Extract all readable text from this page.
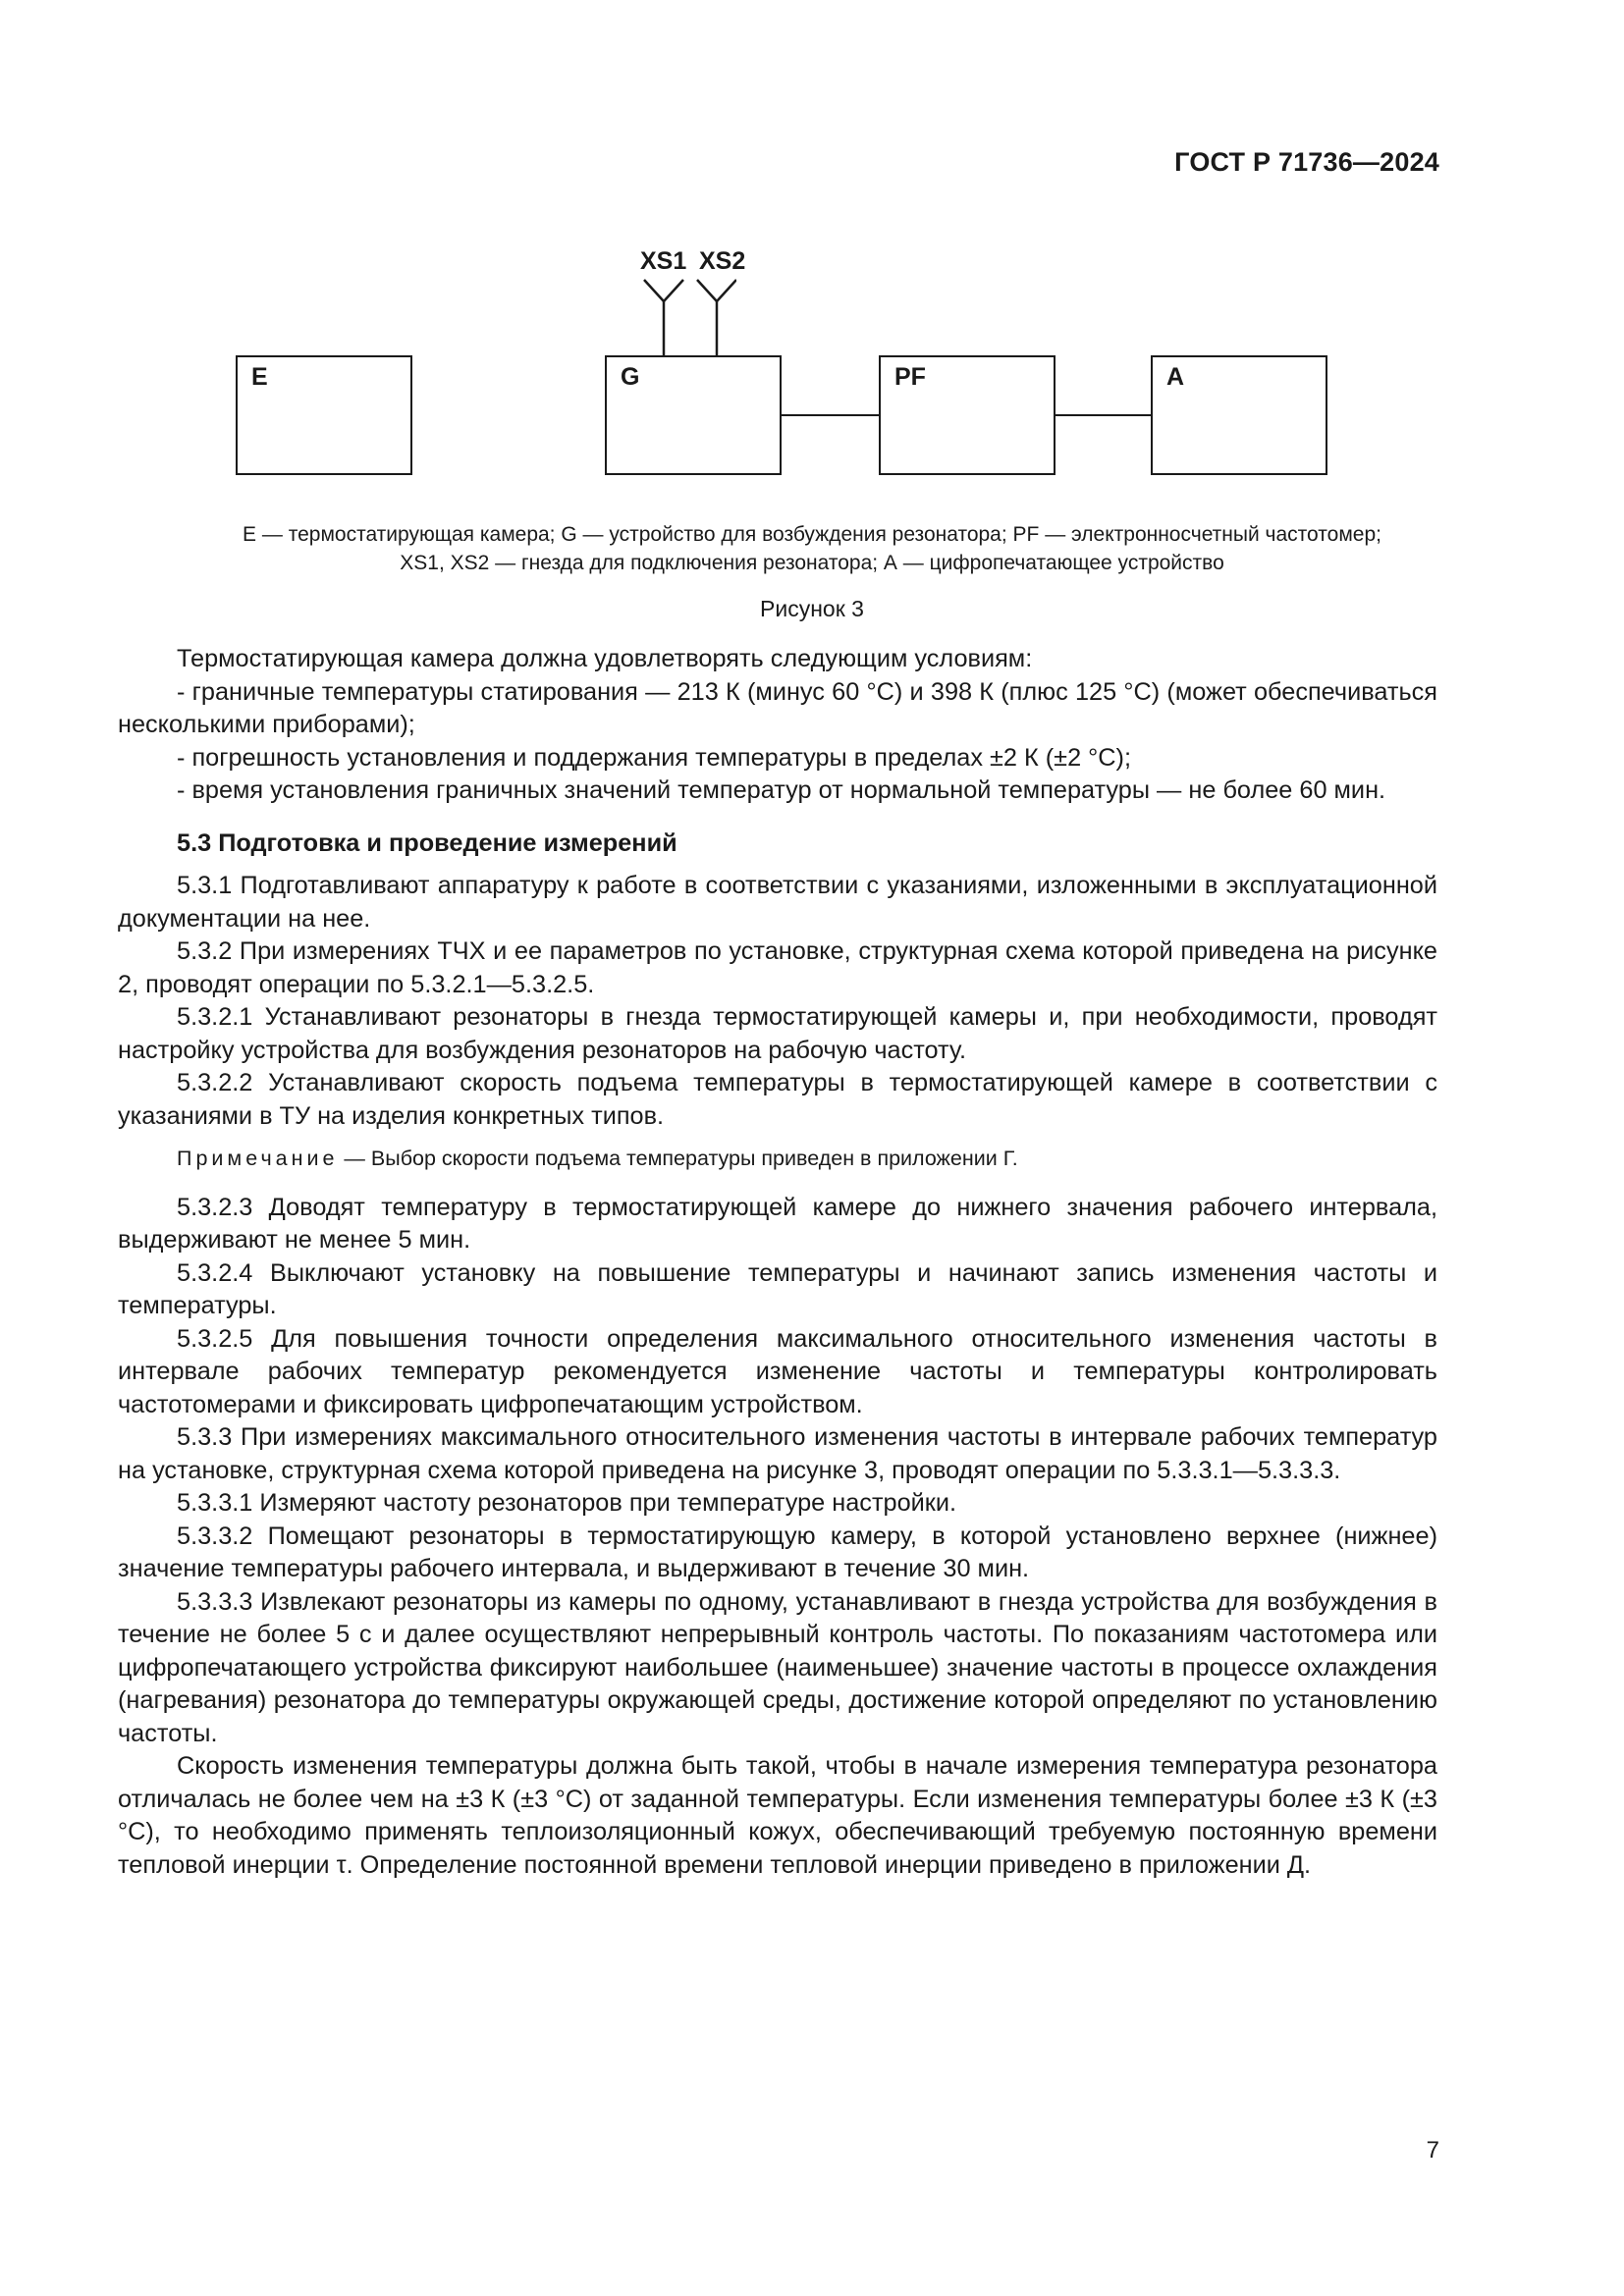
ГОСТ Р 71736—2024
E	G	PF	A
XS1 XS2
E — термостатирующая камера; G — устройство для возбуждения резонатора; PF — электронносчетный частотомер;
XS1, XS2 — гнезда для подключения резонатора; А — цифропечатающее устройство
Рисунок 3

Термостатирующая камера должна удовлетворять следующим условиям:

- граничные температуры статирования — 213 К (минус 60 °С) и 398 К (плюс 125 °С) (может обеспечиваться несколькими приборами);

- погрешность установления и поддержания температуры в пределах ±2 К (±2 °С);

- время установления граничных значений температур от нормальной температуры — не более 60 мин.

5.3 Подготовка и проведение измерений

5.3.1 Подготавливают аппаратуру к работе в соответствии с указаниями, изложенными в эксплуатационной документации на нее.

5.3.2 При измерениях ТЧХ и ее параметров по установке, структурная схема которой приведена на рисунке 2, проводят операции по 5.3.2.1—5.3.2.5.

5.3.2.1 Устанавливают резонаторы в гнезда термостатирующей камеры и, при необходимости, проводят настройку устройства для возбуждения резонаторов на рабочую частоту.

5.3.2.2 Устанавливают скорость подъема температуры в термостатирующей камере в соответствии с указаниями в ТУ на изделия конкретных типов.

Примечание — Выбор скорости подъема температуры приведен в приложении Г.

5.3.2.3 Доводят температуру в термостатирующей камере до нижнего значения рабочего интервала, выдерживают не менее 5 мин.

5.3.2.4 Выключают установку на повышение температуры и начинают запись изменения частоты и температуры.

5.3.2.5 Для повышения точности определения максимального относительного изменения частоты в интервале рабочих температур рекомендуется изменение частоты и температуры контролировать частотомерами и фиксировать цифропечатающим устройством.

5.3.3 При измерениях максимального относительного изменения частоты в интервале рабочих температур на установке, структурная схема которой приведена на рисунке 3, проводят операции по 5.3.3.1—5.3.3.3.

5.3.3.1 Измеряют частоту резонаторов при температуре настройки.

5.3.3.2 Помещают резонаторы в термостатирующую камеру, в которой установлено верхнее (нижнее) значение температуры рабочего интервала, и выдерживают в течение 30 мин.

5.3.3.3 Извлекают резонаторы из камеры по одному, устанавливают в гнезда устройства для возбуждения в течение не более 5 с и далее осуществляют непрерывный контроль частоты. По показаниям частотомера или цифропечатающего устройства фиксируют наибольшее (наименьшее) значение частоты в процессе охлаждения (нагревания) резонатора до температуры окружающей среды, достижение которой определяют по установлению частоты.

Скорость изменения температуры должна быть такой, чтобы в начале измерения температура резонатора отличалась не более чем на ±3 К (±3 °С) от заданной температуры. Если изменения температуры более ±3 К (±3 °С), то необходимо применять теплоизоляционный кожух, обеспечивающий требуемую постоянную времени тепловой инерции τ. Определение постоянной времени тепловой инерции приведено в приложении Д.

7
